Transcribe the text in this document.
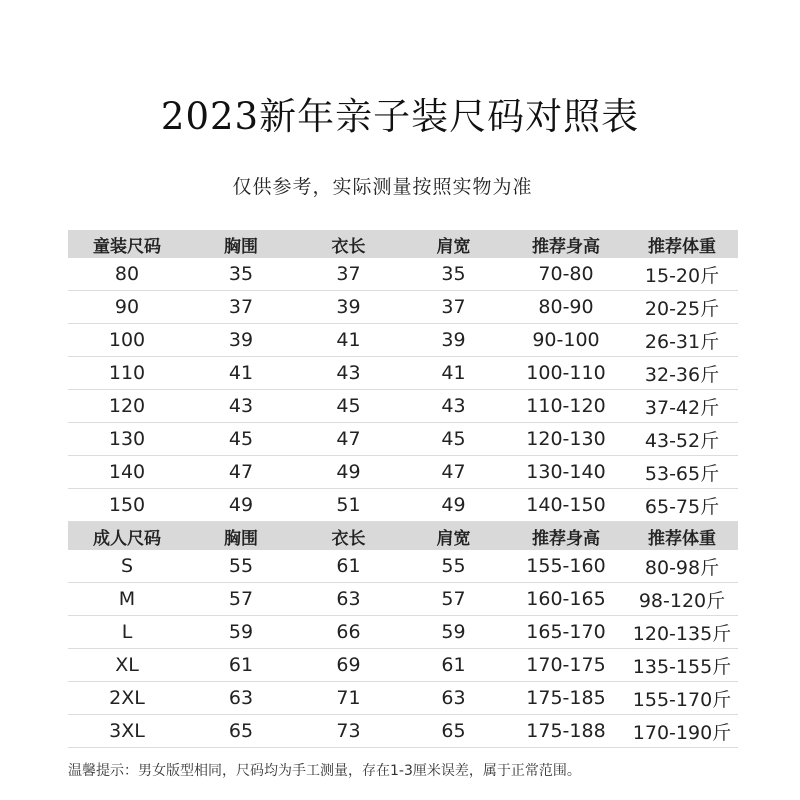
2023新年亲子装尺码对照表
仅供参考，实际测量按照实物为准
童装尺码	胸围	衣长	肩宽	推荐身高	推荐体重
80	35	37	35	70-80	15-20斤
90	37	39	37	80-90	20-25斤
100	39	41	39	90-100	26-31斤
110	41	43	41	100-110	32-36斤
120	43	45	43	110-120	37-42斤
130	45	47	45	120-130	43-52斤
140	47	49	47	130-140	53-65斤
150	49	51	49	140-150	65-75斤
成人尺码	胸围	衣长	肩宽	推荐身高	推荐体重
S	55	61	55	155-160	80-98斤
M	57	63	57	160-165	98-120斤
L	59	66	59	165-170	120-135斤
XL	61	69	61	170-175	135-155斤
2XL	63	71	63	175-185	155-170斤
3XL	65	73	65	175-188	170-190斤
温馨提示：男女版型相同，尺码均为手工测量，存在1-3厘米误差，属于正常范围。
